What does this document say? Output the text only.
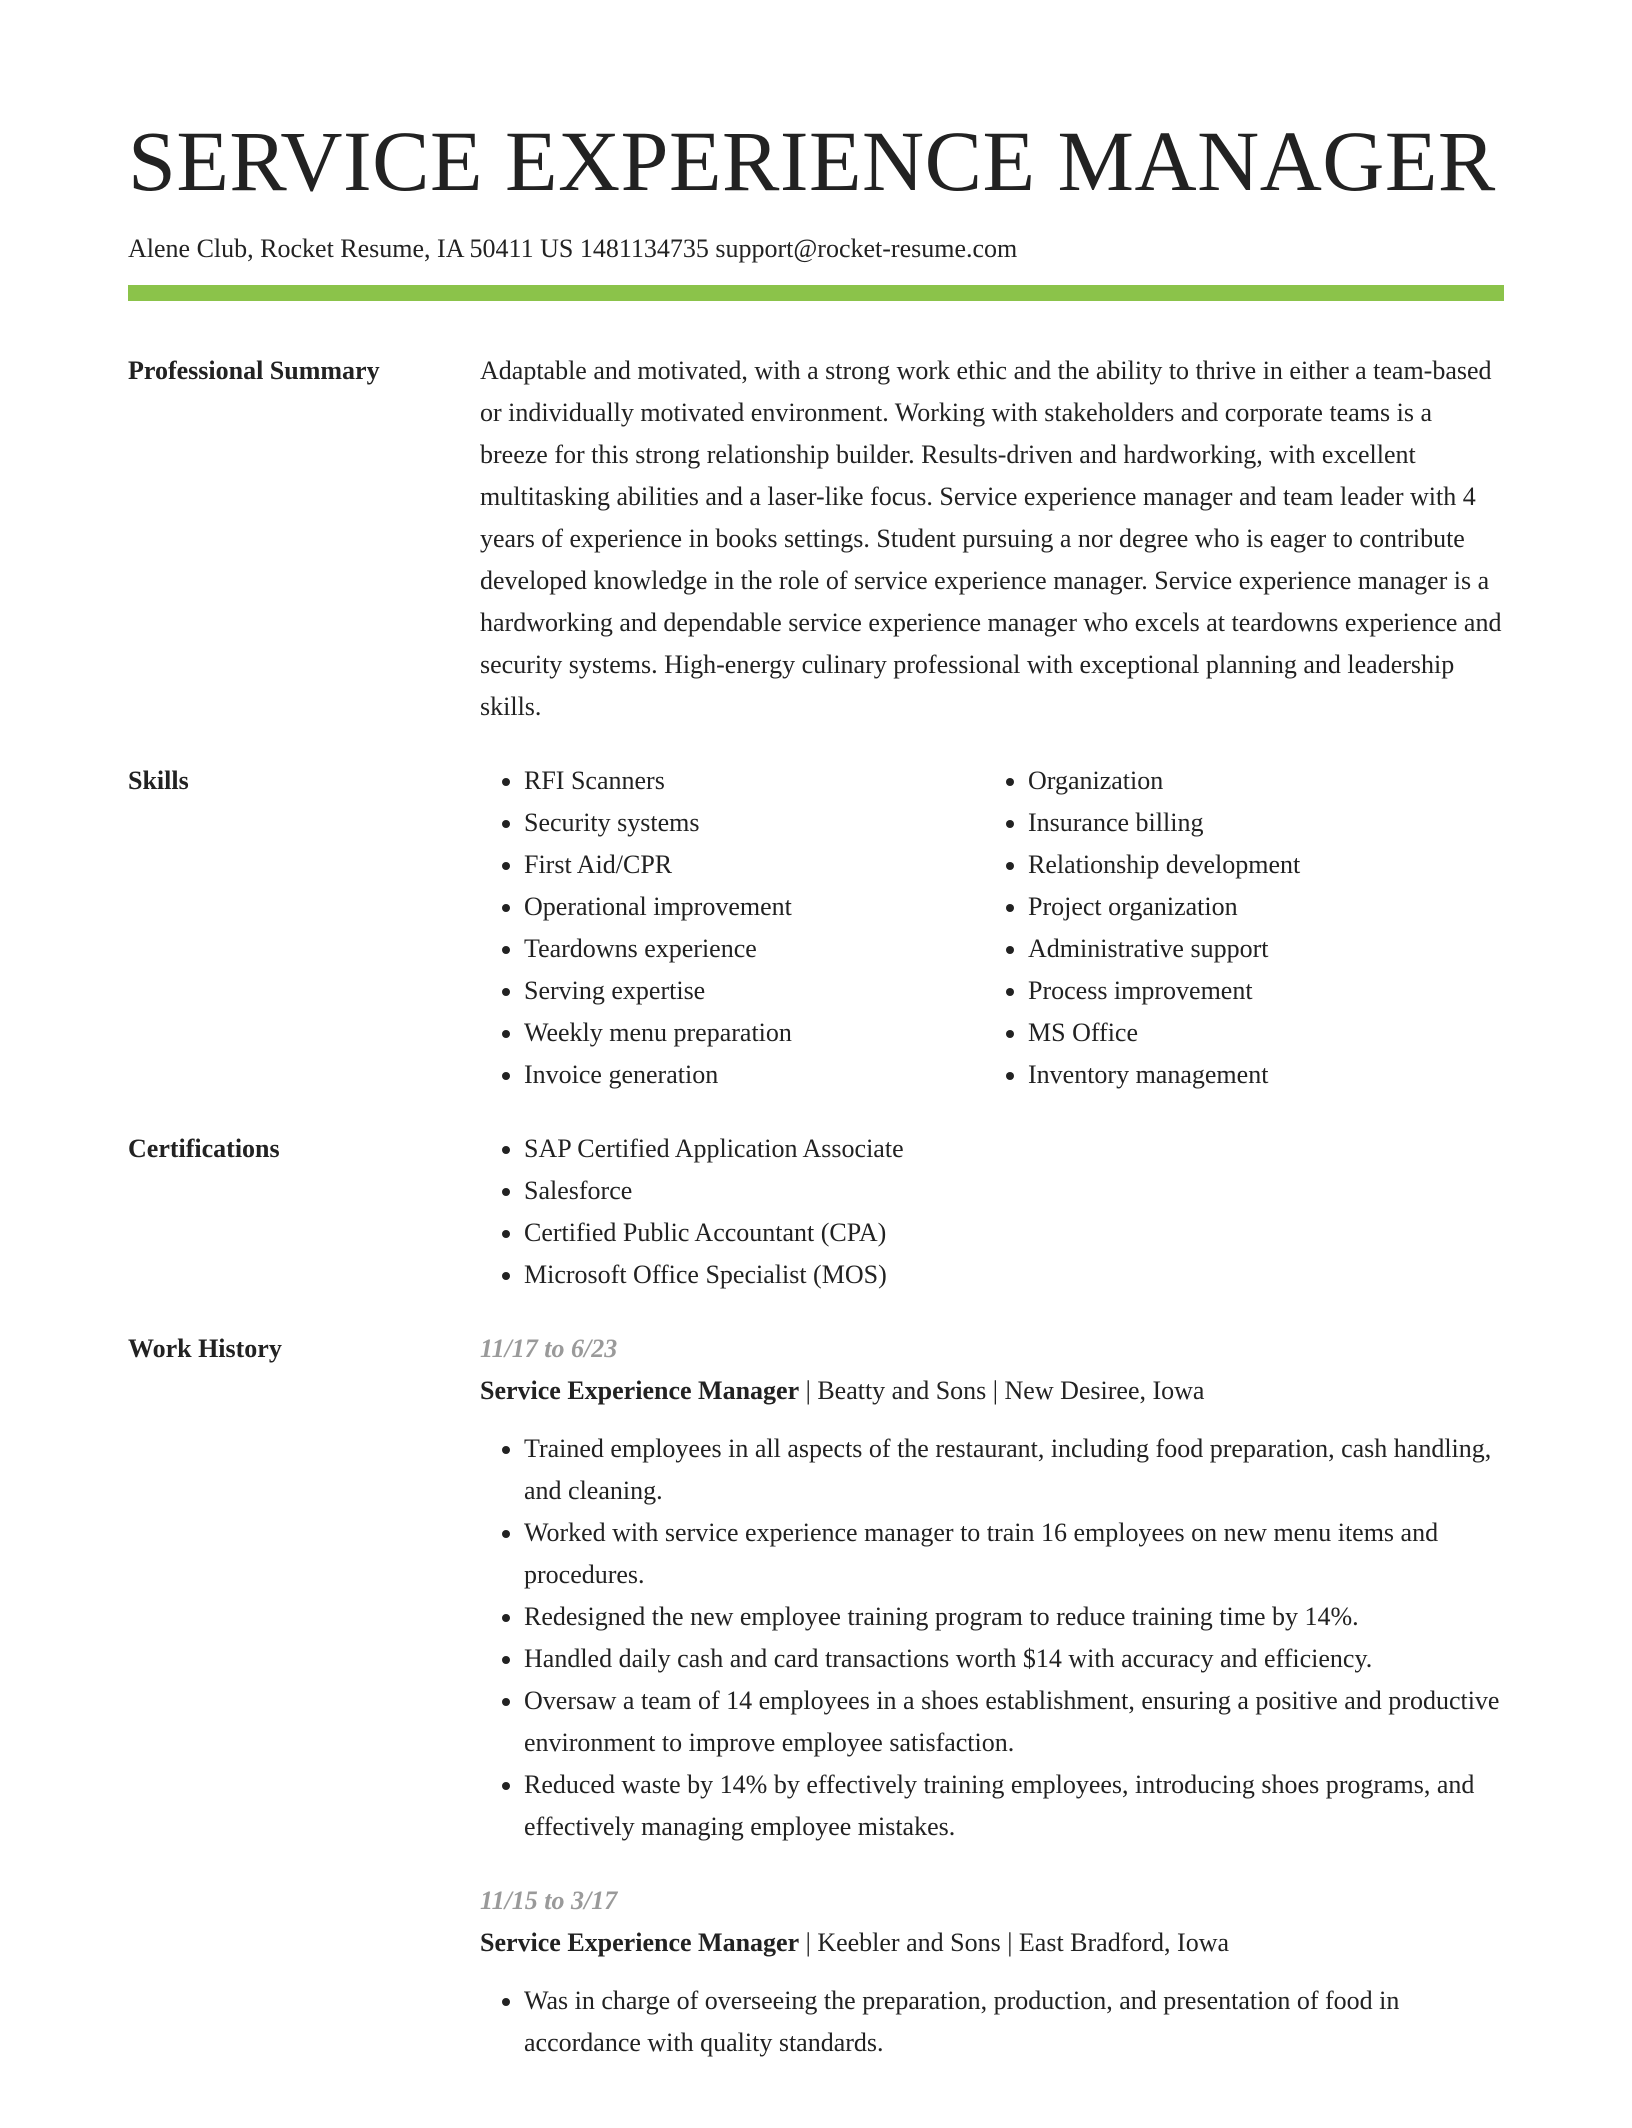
SERVICE EXPERIENCE MANAGER
Alene Club, Rocket Resume, IA 50411 US 1481134735 support@rocket-resume.com
Professional Summary	Adaptable and motivated, with a strong work ethic and the ability to thrive in either a team-based or individually motivated environment. Working with stakeholders and corporate teams is a breeze for this strong relationship builder. Results-driven and hardworking, with excellent multitasking abilities and a laser-like focus. Service experience manager and team leader with 4 years of experience in books settings. Student pursuing a nor degree who is eager to contribute developed knowledge in the role of service experience manager. Service experience manager is a hardworking and dependable service experience manager who excels at teardowns experience and security systems. High-energy culinary professional with exceptional planning and leadership skills.

Skills	• RFI Scanners
• Security systems
• First Aid/CPR
• Operational improvement
• Teardowns experience
• Serving expertise
• Weekly menu preparation
• Invoice generation
• Organization
• Insurance billing
• Relationship development
• Project organization
• Administrative support
• Process improvement
• MS Office
• Inventory management
Certifications	• SAP Certified Application Associate
• Salesforce
• Certified Public Accountant (CPA)
• Microsoft Office Specialist (MOS)
Work History	11/17 to 6/23
Service Experience Manager | Beatty and Sons | New Desiree, Iowa
• Trained employees in all aspects of the restaurant, including food preparation, cash handling, and cleaning.
• Worked with service experience manager to train 16 employees on new menu items and procedures.
• Redesigned the new employee training program to reduce training time by 14%.
• Handled daily cash and card transactions worth $14 with accuracy and efficiency.
• Oversaw a team of 14 employees in a shoes establishment, ensuring a positive and productive environment to improve employee satisfaction.
• Reduced waste by 14% by effectively training employees, introducing shoes programs, and effectively managing employee mistakes.
11/15 to 3/17
Service Experience Manager | Keebler and Sons | East Bradford, Iowa
• Was in charge of overseeing the preparation, production, and presentation of food in accordance with quality standards.
